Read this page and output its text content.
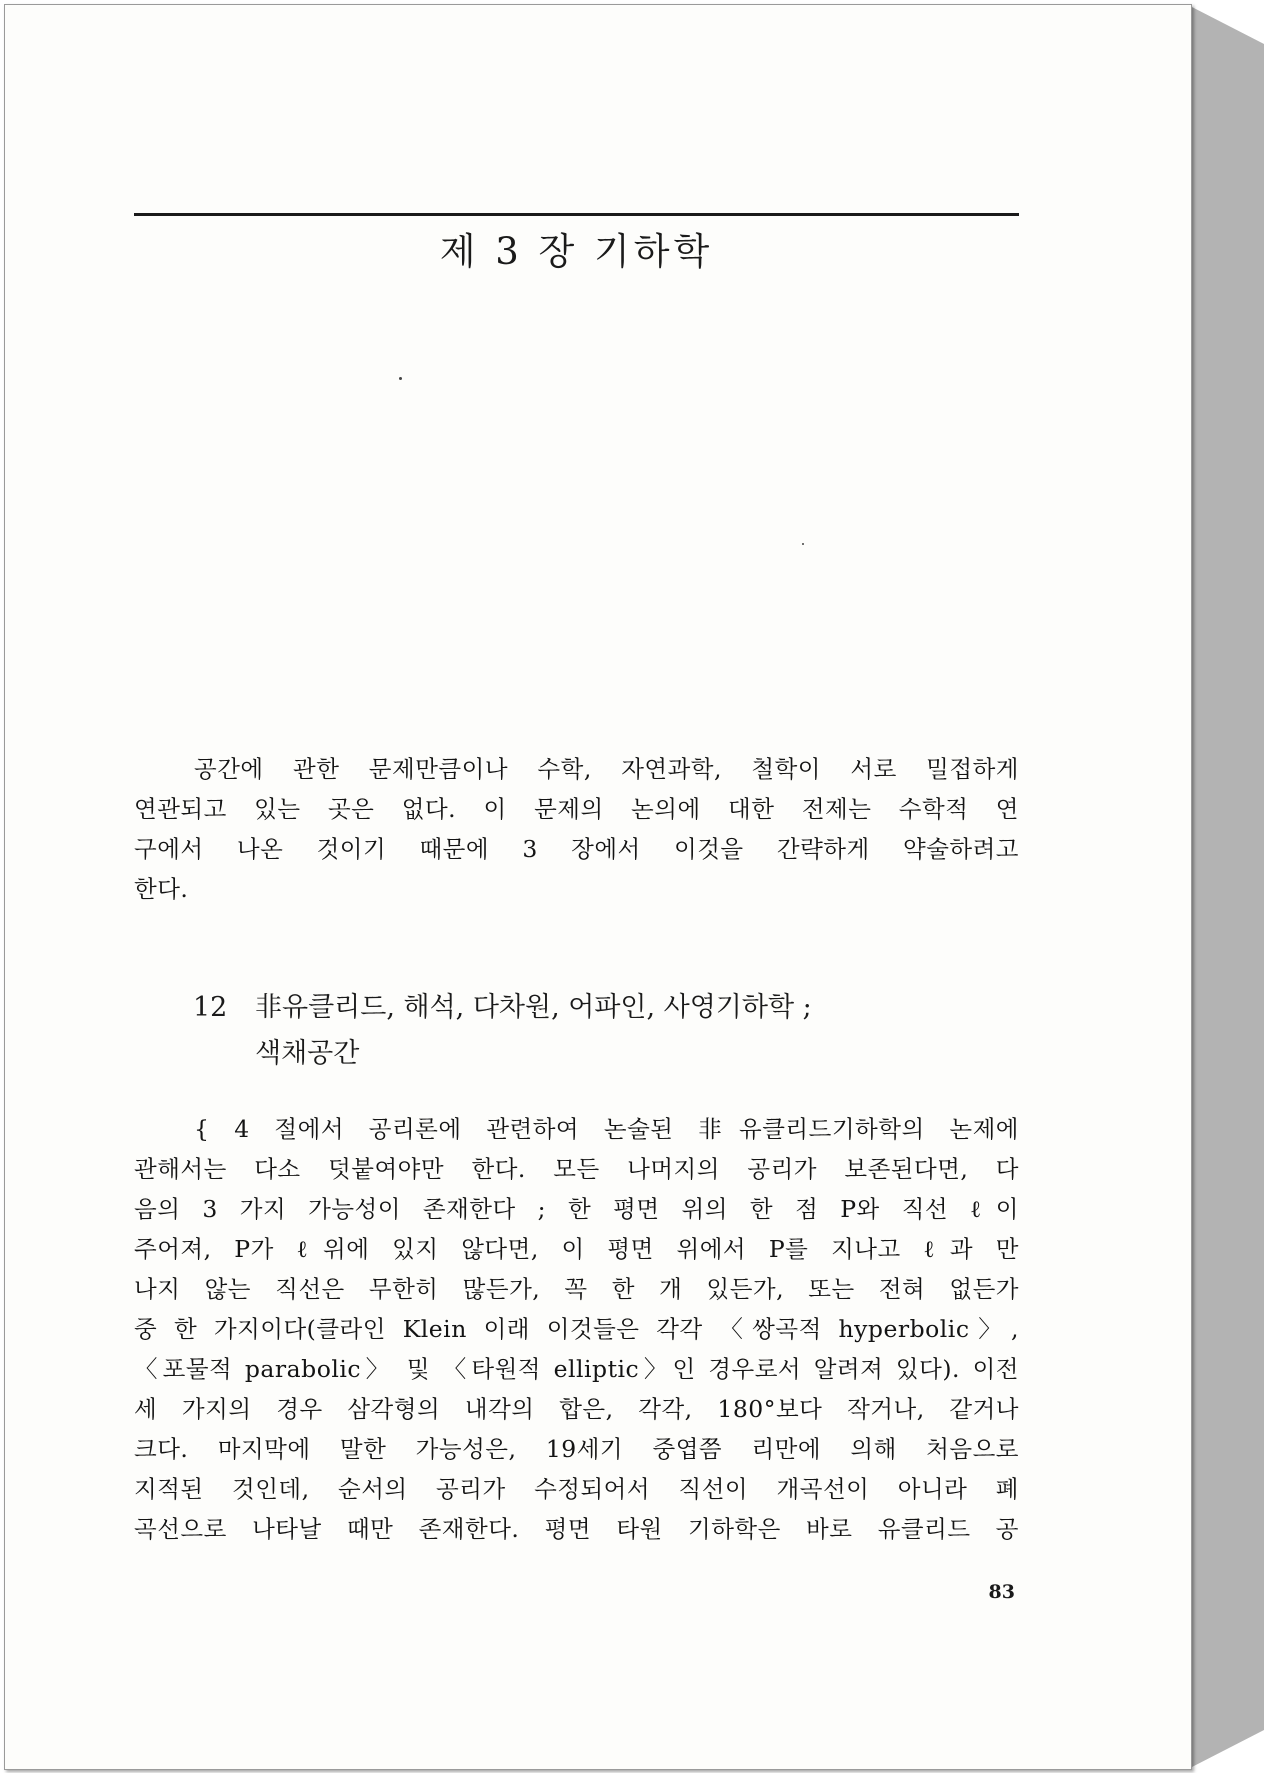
제 3 장 기하학
공간에 관한 문제만큼이나 수학, 자연과학, 철학이 서로 밀접하게
연관되고 있는 곳은 없다. 이 문제의 논의에 대한 전제는 수학적 연
구에서 나온 것이기 때문에 3 장에서 이것을 간략하게 약술하려고
한다.
12 非유클리드, 해석, 다차원, 어파인, 사영기하학 ;
색채공간
{ 4 절에서 공리론에 관련하여 논술된 非유클리드기하학의 논제에
관해서는 다소 덧붙여야만 한다. 모든 나머지의 공리가 보존된다면, 다
음의 3 가지 가능성이 존재한다 ; 한 평면 위의 한 점 P와 직선 ℓ이
주어져, P가 ℓ위에 있지 않다면, 이 평면 위에서 P를 지나고 ℓ과 만
나지 않는 직선은 무한히 많든가, 꼭 한 개 있든가, 또는 전혀 없든가
중 한 가지이다(클라인 Klein 이래 이것들은 각각 〈쌍곡적 hyperbolic〉,
〈포물적 parabolic〉 및 〈타원적 elliptic〉인 경우로서 알려져 있다). 이전
세 가지의 경우 삼각형의 내각의 합은, 각각, 180°보다 작거나, 같거나
크다. 마지막에 말한 가능성은, 19세기 중엽쯤 리만에 의해 처음으로
지적된 것인데, 순서의 공리가 수정되어서 직선이 개곡선이 아니라 폐
곡선으로 나타날 때만 존재한다. 평면 타원 기하학은 바로 유클리드 공
83
